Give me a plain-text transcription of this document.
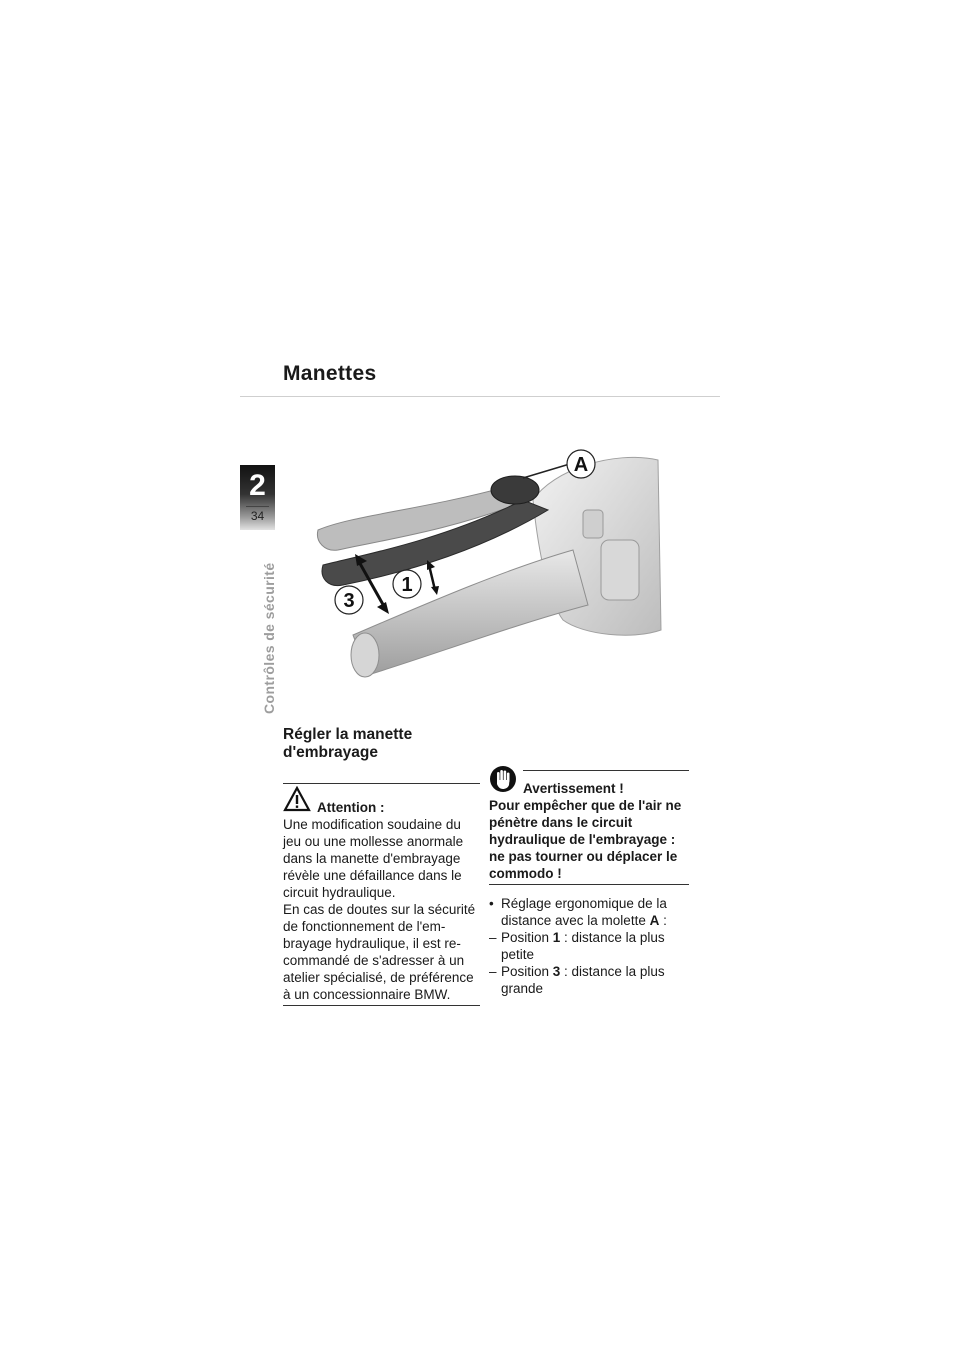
Manettes
2
34
Contrôles de sécurité
A
3
1
Régler la manette d'embrayage
Attention :

Une modification soudaine du jeu ou une mollesse anormale dans la manette d'embrayage révèle une défaillance dans le circuit hydraulique.

En cas de doutes sur la sécurité de fonctionnement de l'em-brayage hydraulique, il est re-commandé de s'adresser à un atelier spécialisé, de préférence à un concessionnaire BMW.

Avertissement !

Pour empêcher que de l'air ne pénètre dans le circuit hydraulique de l'embrayage : ne pas tourner ou déplacer le commodo !

• Réglage ergonomique de la distance avec la molette A :
– Position 1 : distance la plus petite
– Position 3 : distance la plus grande
